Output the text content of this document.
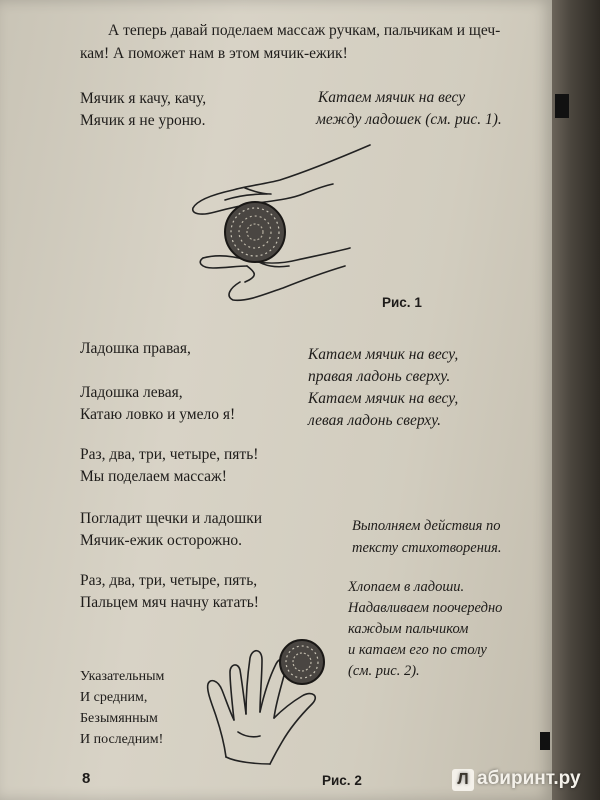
А теперь давай поделаем массаж ручкам, пальчикам и щеч-
кам! А поможет нам в этом мячик-ежик!
Мячик я качу, качу,
Мячик я не уроню.
Катаем мячик на весу
между ладошек (см. рис. 1).
Рис. 1
Ладошка правая,
Ладошка левая,
Катаю ловко и умело я!
Катаем мячик на весу,
правая ладонь сверху.
Катаем мячик на весу,
левая ладонь сверху.
Раз, два, три, четыре, пять!
Мы поделаем массаж!
Погладит щечки и ладошки
Мячик-ежик осторожно.
Выполняем действия по
тексту стихотворения.
Раз, два, три, четыре, пять,
Пальцем мяч начну катать!
Хлопаем в ладоши.
Надавливаем поочередно
каждым пальчиком
и катаем его по столу
(см. рис. 2).
Указательным
И средним,
Безымянным
И последним!
8	Рис. 2	Л абиринт.ру
